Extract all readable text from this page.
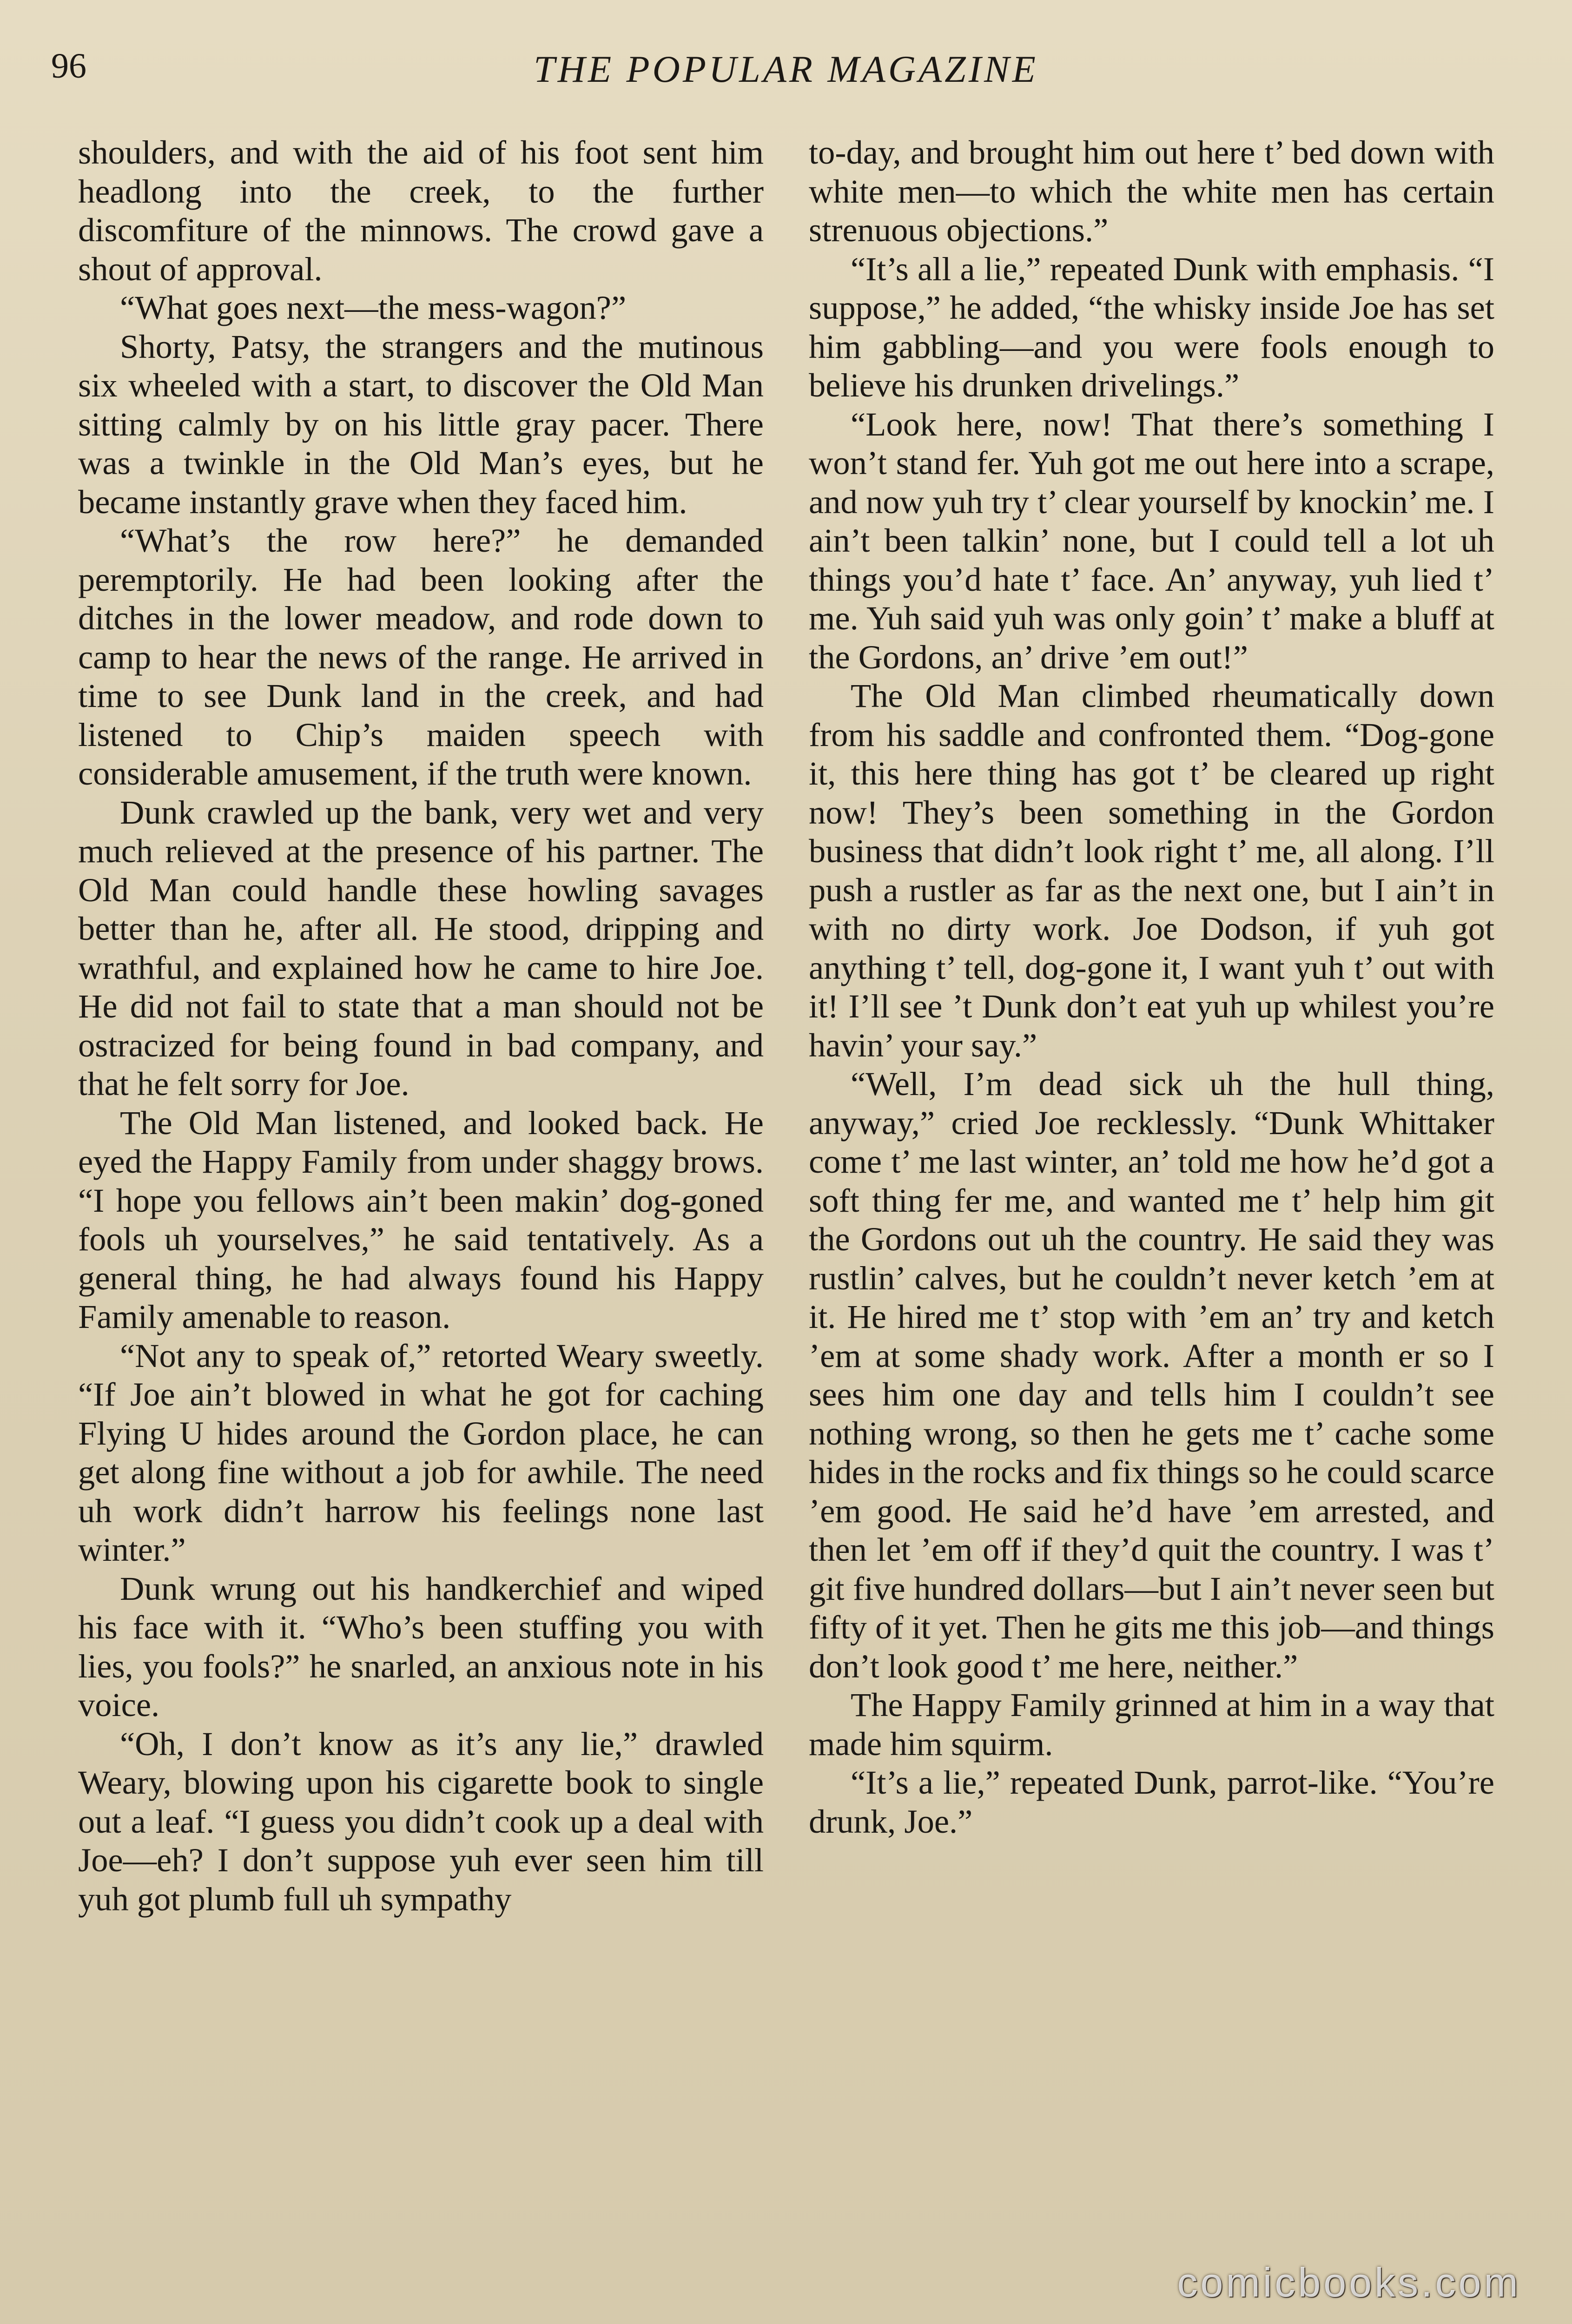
96	THE POPULAR MAGAZINE

shoulders, and with the aid of his foot sent him headlong into the creek, to the further discomfiture of the minnows. The crowd gave a shout of approval.

“What goes next—the mess-wagon?”

Shorty, Patsy, the strangers and the mutinous six wheeled with a start, to discover the Old Man sitting calmly by on his little gray pacer. There was a twinkle in the Old Man’s eyes, but he became instantly grave when they faced him.

“What’s the row here?” he demanded peremptorily. He had been looking after the ditches in the lower meadow, and rode down to camp to hear the news of the range. He arrived in time to see Dunk land in the creek, and had listened to Chip’s maiden speech with considerable amusement, if the truth were known.

Dunk crawled up the bank, very wet and very much relieved at the presence of his partner. The Old Man could handle these howling savages better than he, after all. He stood, dripping and wrathful, and explained how he came to hire Joe. He did not fail to state that a man should not be ostracized for being found in bad company, and that he felt sorry for Joe.

The Old Man listened, and looked back. He eyed the Happy Family from under shaggy brows. “I hope you fellows ain’t been makin’ dog-goned fools uh yourselves,” he said tentatively. As a general thing, he had always found his Happy Family amenable to reason.

“Not any to speak of,” retorted Weary sweetly. “If Joe ain’t blowed in what he got for caching Flying U hides around the Gordon place, he can get along fine without a job for awhile. The need uh work didn’t harrow his feelings none last winter.”

Dunk wrung out his handkerchief and wiped his face with it. “Who’s been stuffing you with lies, you fools?” he snarled, an anxious note in his voice.

“Oh, I don’t know as it’s any lie,” drawled Weary, blowing upon his cigarette book to single out a leaf. “I guess you didn’t cook up a deal with Joe—eh? I don’t suppose yuh ever seen him till yuh got plumb full uh sympathy

to-day, and brought him out here t’ bed down with white men—to which the white men has certain strenuous objections.”

“It’s all a lie,” repeated Dunk with emphasis. “I suppose,” he added, “the whisky inside Joe has set him gabbling—and you were fools enough to believe his drunken drivelings.”

“Look here, now! That there’s something I won’t stand fer. Yuh got me out here into a scrape, and now yuh try t’ clear yourself by knockin’ me. I ain’t been talkin’ none, but I could tell a lot uh things you’d hate t’ face. An’ anyway, yuh lied t’ me. Yuh said yuh was only goin’ t’ make a bluff at the Gordons, an’ drive ’em out!”

The Old Man climbed rheumatically down from his saddle and confronted them. “Dog-gone it, this here thing has got t’ be cleared up right now! They’s been something in the Gordon business that didn’t look right t’ me, all along. I’ll push a rustler as far as the next one, but I ain’t in with no dirty work. Joe Dodson, if yuh got anything t’ tell, dog-gone it, I want yuh t’ out with it! I’ll see ’t Dunk don’t eat yuh up whilest you’re havin’ your say.”

“Well, I’m dead sick uh the hull thing, anyway,” cried Joe recklessly. “Dunk Whittaker come t’ me last winter, an’ told me how he’d got a soft thing fer me, and wanted me t’ help him git the Gordons out uh the country. He said they was rustlin’ calves, but he couldn’t never ketch ’em at it. He hired me t’ stop with ’em an’ try and ketch ’em at some shady work. After a month er so I sees him one day and tells him I couldn’t see nothing wrong, so then he gets me t’ cache some hides in the rocks and fix things so he could scarce ’em good. He said he’d have ’em arrested, and then let ’em off if they’d quit the country. I was t’ git five hundred dollars—but I ain’t never seen but fifty of it yet. Then he gits me this job—and things don’t look good t’ me here, neither.”

The Happy Family grinned at him in a way that made him squirm.

“It’s a lie,” repeated Dunk, parrot-like. “You’re drunk, Joe.”

comicbooks.com
